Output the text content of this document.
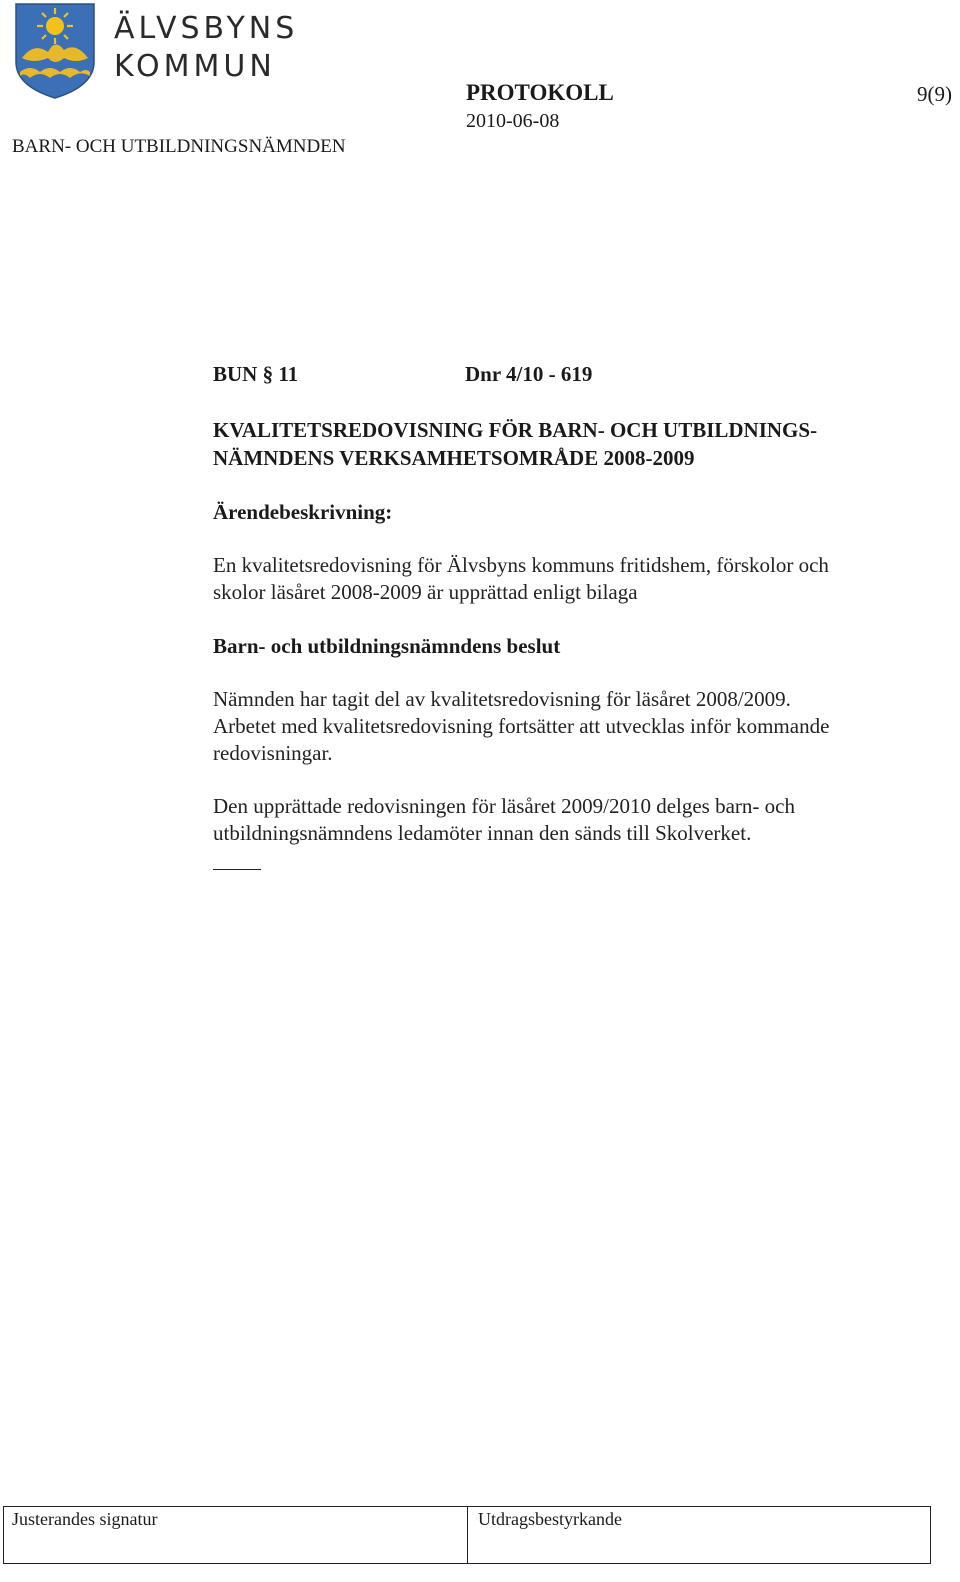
ÄLVSBYNS
KOMMUN
BARN- OCH UTBILDNINGSNÄMNDEN
PROTOKOLL
2010-06-08
9(9)
BUN § 11	Dnr 4/10 - 619
KVALITETSREDOVISNING FÖR BARN- OCH UTBILDNINGS-
NÄMNDENS VERKSAMHETSOMRÅDE 2008-2009
Ärendebeskrivning:
En kvalitetsredovisning för Älvsbyns kommuns fritidshem, förskolor och
skolor läsåret 2008-2009 är upprättad enligt bilaga
Barn- och utbildningsnämndens beslut
Nämnden har tagit del av kvalitetsredovisning för läsåret 2008/2009.
Arbetet med kvalitetsredovisning fortsätter att utvecklas inför kommande
redovisningar.
Den upprättade redovisningen för läsåret 2009/2010 delges barn- och
utbildningsnämndens ledamöter innan den sänds till Skolverket.
Justerandes signatur	Utdragsbestyrkande
